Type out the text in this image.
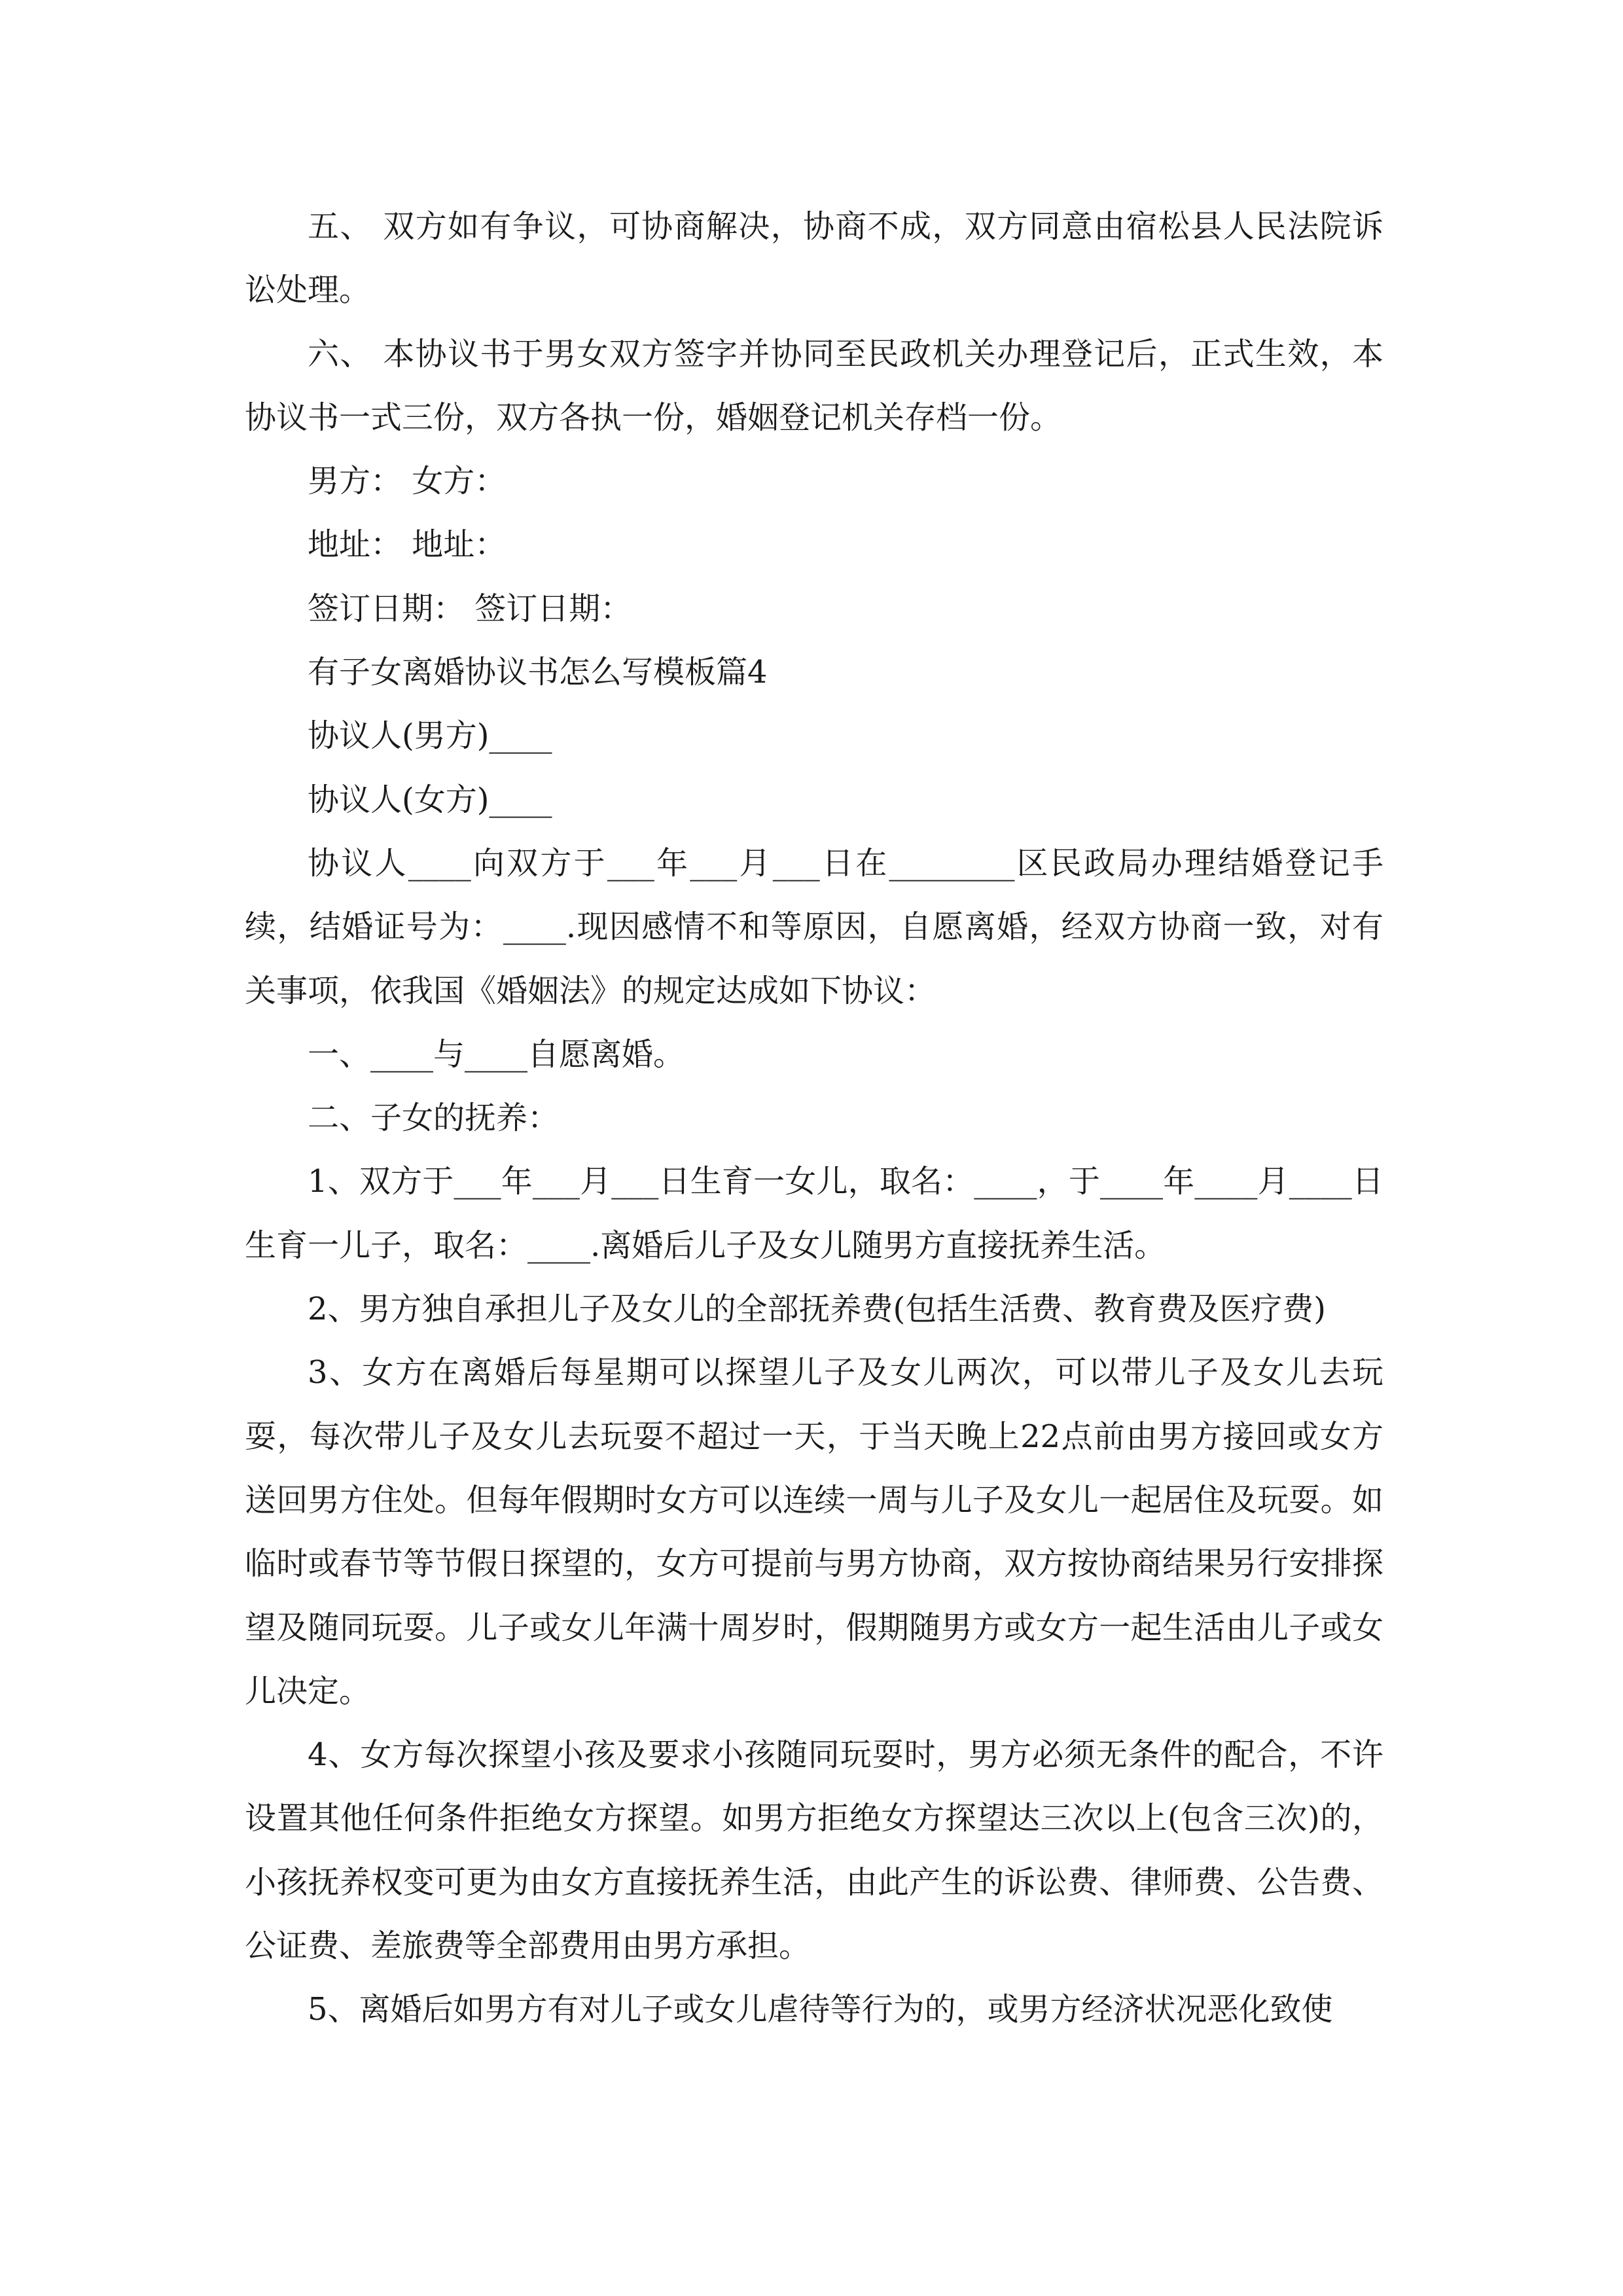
五、 双方如有争议，可协商解决，协商不成，双方同意由宿松县人民法院诉讼处理。

六、 本协议书于男女双方签字并协同至民政机关办理登记后，正式生效，本协议书一式三份，双方各执一份，婚姻登记机关存档一份。

男方： 女方：

地址： 地址：

签订日期： 签订日期：

有子女离婚协议书怎么写模板篇4

协议人(男方)____

协议人(女方)____

协议人____向双方于___年___月___日在________区民政局办理结婚登记手续，结婚证号为：____.现因感情不和等原因，自愿离婚，经双方协商一致，对有关事项，依我国《婚姻法》的规定达成如下协议：

一、____与____自愿离婚。

二、子女的抚养：

1、双方于___年___月___日生育一女儿，取名：____，于____年____月____日生育一儿子，取名：____.离婚后儿子及女儿随男方直接抚养生活。

2、男方独自承担儿子及女儿的全部抚养费(包括生活费、教育费及医疗费)

3、女方在离婚后每星期可以探望儿子及女儿两次，可以带儿子及女儿去玩耍，每次带儿子及女儿去玩耍不超过一天，于当天晚上22点前由男方接回或女方送回男方住处。但每年假期时女方可以连续一周与儿子及女儿一起居住及玩耍。如临时或春节等节假日探望的，女方可提前与男方协商，双方按协商结果另行安排探望及随同玩耍。儿子或女儿年满十周岁时，假期随男方或女方一起生活由儿子或女儿决定。

4、女方每次探望小孩及要求小孩随同玩耍时，男方必须无条件的配合，不许设置其他任何条件拒绝女方探望。如男方拒绝女方探望达三次以上(包含三次)的，小孩抚养权变可更为由女方直接抚养生活，由此产生的诉讼费、律师费、公告费、公证费、差旅费等全部费用由男方承担。

5、离婚后如男方有对儿子或女儿虐待等行为的，或男方经济状况恶化致使
